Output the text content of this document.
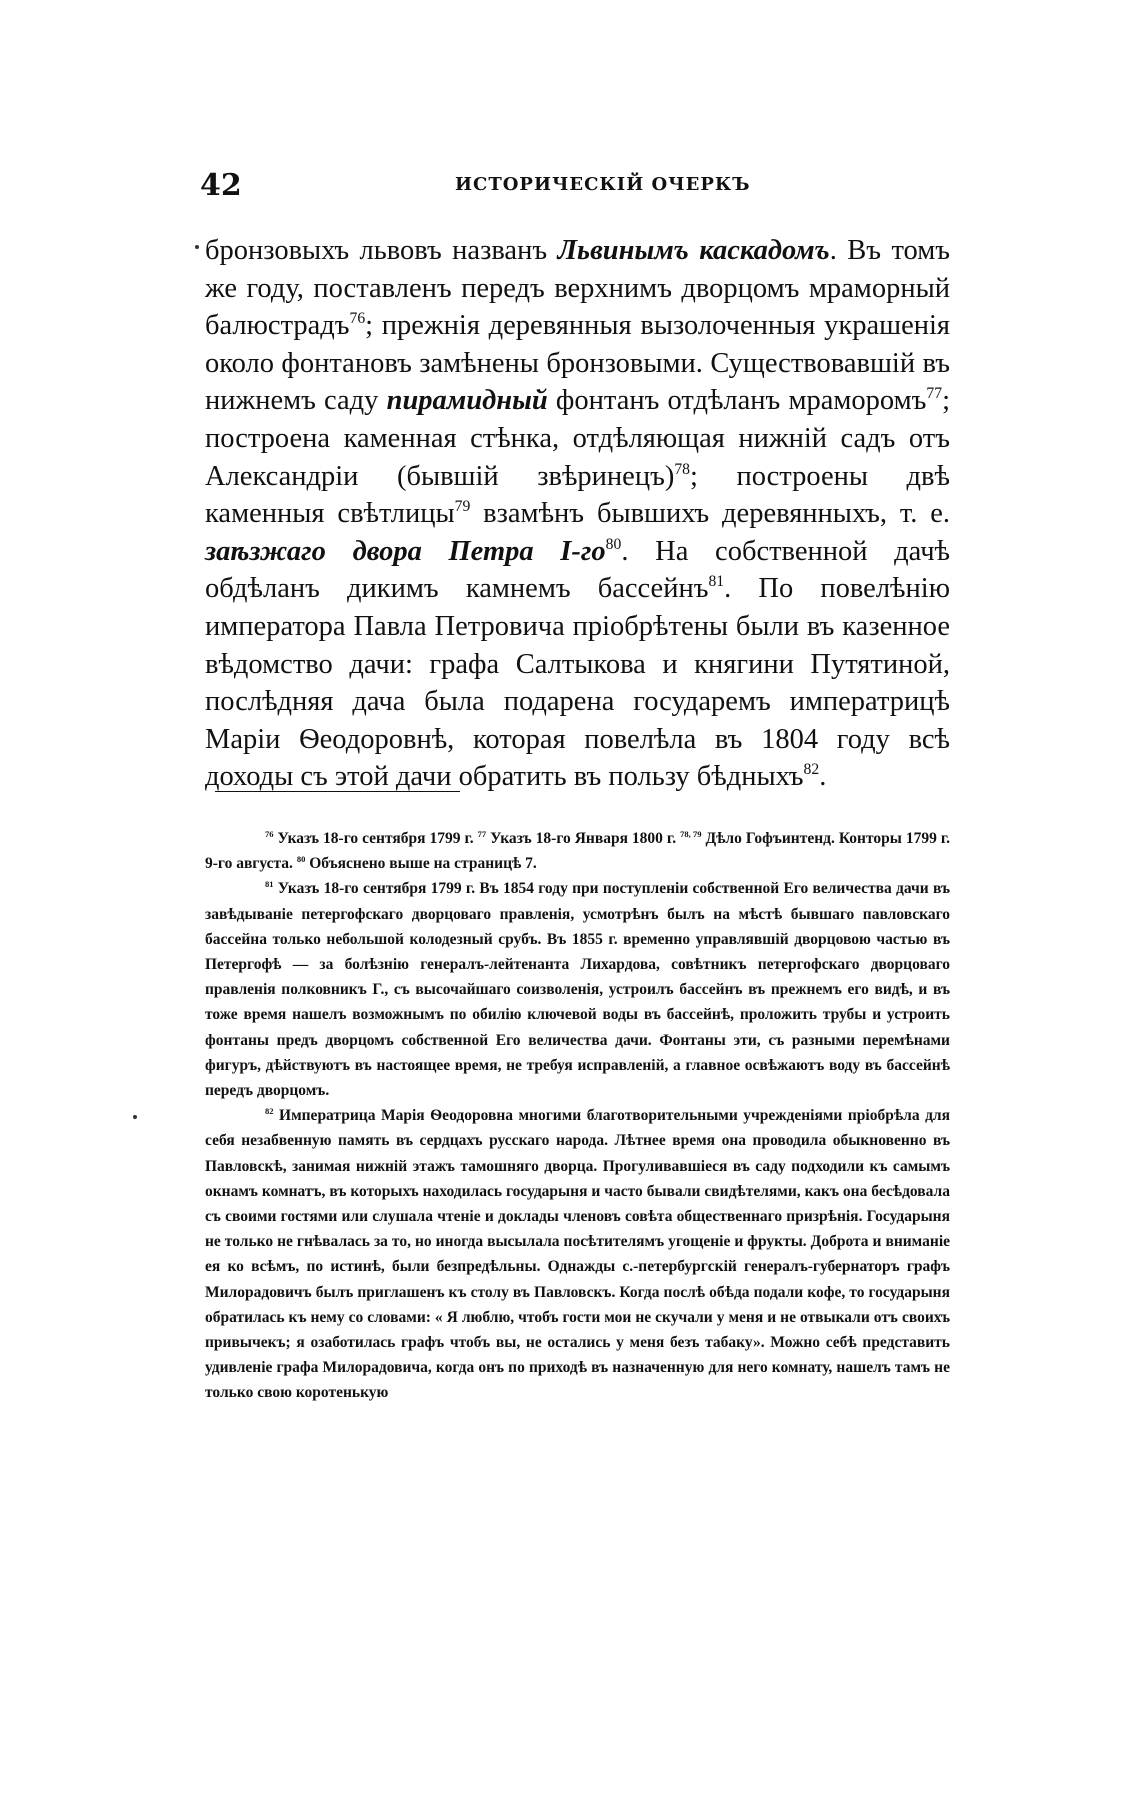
42	ИСТОРИЧЕСКІЙ ОЧЕРКЪ

бронзовыхъ львовъ названъ Львинымъ каскадомъ. Въ томъ же году, поставленъ передъ верхнимъ дворцомъ мраморный балюстрадъ$^{76}$; прежнія деревянныя вызолоченныя украшенія около фонтановъ замѣнены бронзовыми. Существовавшій въ нижнемъ саду пирамидный фонтанъ отдѣланъ мраморомъ$^{77}$; построена каменная стѣнка, отдѣляющая нижній садъ отъ Александріи (бывшій звѣринецъ)$^{78}$; построены двѣ каменныя свѣтлицы$^{79}$ взамѣнъ бывшихъ деревянныхъ, т. е. заѣзжаго двора Петра $I-го^{80}$. На собственной дачѣ обдѣланъ дикимъ камнемъ бассейнъ$^{81}$. По повелѣнію императора Павла Петровича пріобрѣтены были въ казенное вѣдомство дачи: графа Салтыкова и княгини Путятиной, послѣдняя дача была подарена государемъ императрицѣ Маріи Ѳеодоровнѣ, которая повелѣла въ 1804 году всѣ доходы съ этой дачи обратить въ пользу бѣдныхъ$^{82}$.

$^{76}$ Указъ 18-го сентября 1799 г. $^{77}$ Указъ 18-го Января 1800 г. $^{78, 79}$ Дѣло Гофъинтенд. Конторы 1799 г. 9-го августа. $^{80}$ Объяснено выше на страницѣ 7.

$^{81}$ Указъ 18-го сентября 1799 г. Въ 1854 году при поступленіи собственной Его величества дачи въ завѣдываніе петергофскаго дворцоваго правленія, усмотрѣнъ былъ на мѣстѣ бывшаго павловскаго бассейна только небольшой колодезный срубъ. Въ 1855 г. временно управлявшій дворцовою частью въ Петергофѣ — за болѣзнію генералъ-лейтенанта Лихардова, совѣтникъ петергофскаго дворцоваго правленія полковникъ Г., съ высочайшаго соизволенія, устроилъ бассейнъ въ прежнемъ его видѣ, и въ тоже время нашелъ возможнымъ по обилію ключевой воды въ бассейнѣ, проложить трубы и устроить фонтаны предъ дворцомъ собственной Его величества дачи. Фонтаны эти, съ разными перемѣнами фигуръ, дѣйствуютъ въ настоящее время, не требуя исправленій, а главное освѣжаютъ воду въ бассейнѣ передъ дворцомъ.

$^{82}$ Императрица Марія Ѳеодоровна многими благотворительными учрежденіями пріобрѣла для себя незабвенную память въ сердцахъ русскаго народа. Лѣтнее время она проводила обыкновенно въ Павловскѣ, занимая нижній этажъ тамошняго дворца. Прогуливавшіеся въ саду подходили къ самымъ окнамъ комнатъ, въ которыхъ находилась государыня и часто бывали свидѣтелями, какъ она бесѣдовала съ своими гостями или слушала чтеніе и доклады членовъ совѣта общественнаго призрѣнія. Государыня не только не гнѣвалась за то, но иногда высылала посѣтителямъ угощеніе и фрукты. Доброта и вниманіе ея ко всѣмъ, по истинѣ, были безпредѣльны. Однажды с.-петербургскій генералъ-губернаторъ графъ Милорадовичъ былъ приглашенъ къ столу въ Павловскъ. Когда послѣ обѣда подали кофе, то государыня обратилась къ нему со словами: « Я люблю, чтобъ гости мои не скучали у меня и не отвыкали отъ своихъ привычекъ; я озаботилась графъ чтобъ вы, не остались у меня безъ табаку». Можно себѣ представить удивленіе графа Милорадовича, когда онъ по приходѣ въ назначенную для него комнату, нашелъ тамъ не только свою коротенькую
